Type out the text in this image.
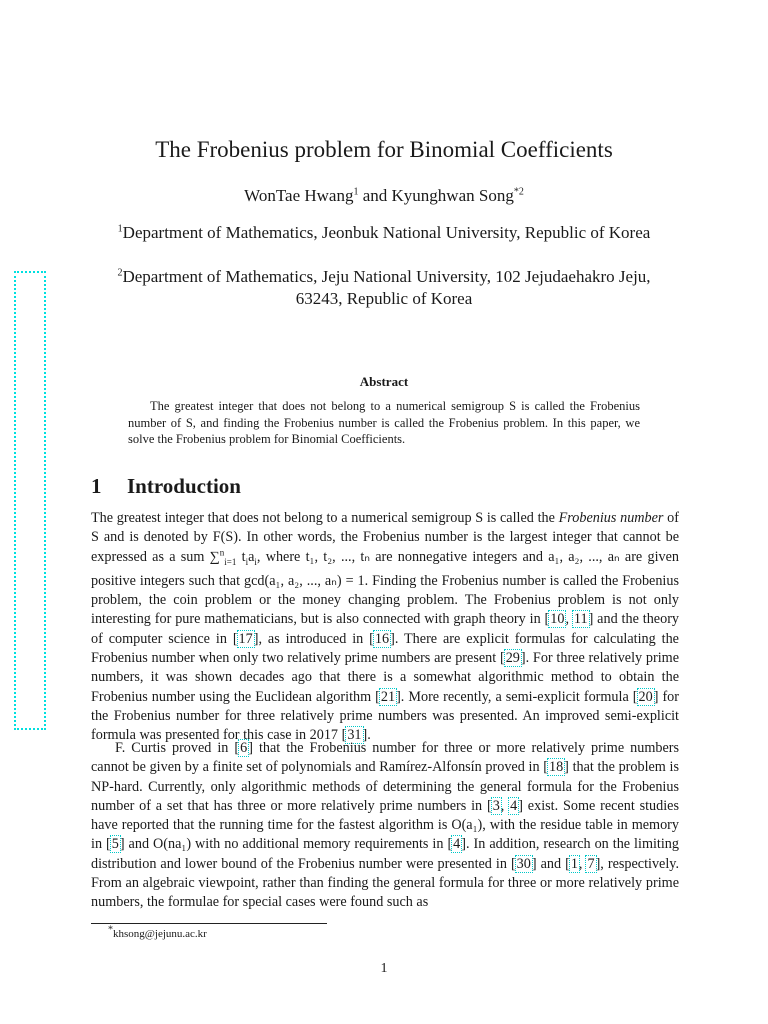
The Frobenius problem for Binomial Coefficients
WonTae Hwang$^1$ and Kyunghwan Song$^{*2}$
$^1$Department of Mathematics, Jeonbuk National University, Republic of Korea
$^2$Department of Mathematics, Jeju National University, 102 Jejudaehakro Jeju, 63243, Republic of Korea
Abstract
The greatest integer that does not belong to a numerical semigroup S is called the Frobenius number of S, and finding the Frobenius number is called the Frobenius problem. In this paper, we solve the Frobenius problem for Binomial Coefficients.
1 Introduction
The greatest integer that does not belong to a numerical semigroup S is called the Frobenius number of S and is denoted by F(S). In other words, the Frobenius number is the largest integer that cannot be expressed as a sum ∑$^n_{i=1}$ $t_ia_i$, where t₁, t₂, ..., tₙ are nonnegative integers and a₁, a₂, ..., aₙ are given positive integers such that gcd(a₁, a₂, ..., aₙ) = 1. Finding the Frobenius number is called the Frobenius problem, the coin problem or the money changing problem. The Frobenius problem is not only interesting for pure mathematicians, but is also connected with graph theory in [10, 11] and the theory of computer science in [17], as introduced in [16]. There are explicit formulas for calculating the Frobenius number when only two relatively prime numbers are present [29]. For three relatively prime numbers, it was shown decades ago that there is a somewhat algorithmic method to obtain the Frobenius number using the Euclidean algorithm [21]. More recently, a semi-explicit formula [20] for the Frobenius number for three relatively prime numbers was presented. An improved semi-explicit formula was presented for this case in 2017 [31].
F. Curtis proved in [6] that the Frobenius number for three or more relatively prime numbers cannot be given by a finite set of polynomials and Ramírez-Alfonsín proved in [18] that the problem is NP-hard. Currently, only algorithmic methods of determining the general formula for the Frobenius number of a set that has three or more relatively prime numbers in [3, 4] exist. Some recent studies have reported that the running time for the fastest algorithm is O(a₁), with the residue table in memory in [5] and O(na₁) with no additional memory requirements in [4]. In addition, research on the limiting distribution and lower bound of the Frobenius number were presented in [30] and [1, 7], respectively. From an algebraic viewpoint, rather than finding the general formula for three or more relatively prime numbers, the formulae for special cases were found such as
*khsong@jejunu.ac.kr
1
